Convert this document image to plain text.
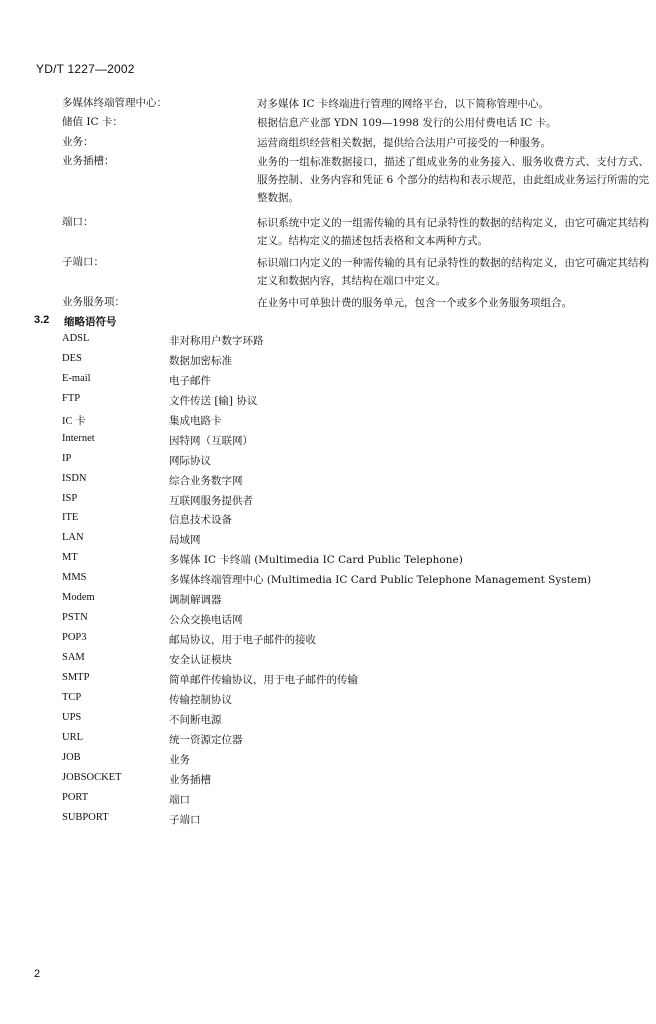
YD/T 1227—2002
多媒体终端管理中心：	对多媒体 IC 卡终端进行管理的网络平台，以下简称管理中心。
储值 IC 卡：	根据信息产业部 YDN 109—1998 发行的公用付费电话 IC 卡。
业务：	运营商组织经营相关数据，提供给合法用户可接受的一种服务。
业务插槽：	业务的一组标准数据接口，描述了组成业务的业务接入、服务收费方式、支付方式、服务控制、业务内容和凭证 6 个部分的结构和表示规范，由此组成业务运行所需的完整数据。
端口：	标识系统中定义的一组需传输的具有记录特性的数据的结构定义，由它可确定其结构定义。结构定义的描述包括表格和文本两种方式。
子端口：	标识端口内定义的一种需传输的具有记录特性的数据的结构定义，由它可确定其结构定义和数据内容，其结构在端口中定义。
业务服务项：	在业务中可单独计费的服务单元，包含一个或多个业务服务项组合。
3.2 缩略语符号
ADSL	非对称用户数字环路
DES	数据加密标准
E-mail	电子邮件
FTP	文件传送 [输] 协议
IC 卡	集成电路卡
Internet	因特网（互联网）
IP	网际协议
ISDN	综合业务数字网
ISP	互联网服务提供者
ITE	信息技术设备
LAN	局域网
MT	多媒体 IC 卡终端 (Multimedia IC Card Public Telephone)
MMS	多媒体终端管理中心 (Multimedia IC Card Public Telephone Management System)
Modem	调制解调器
PSTN	公众交换电话网
POP3	邮局协议，用于电子邮件的接收
SAM	安全认证模块
SMTP	简单邮件传输协议，用于电子邮件的传输
TCP	传输控制协议
UPS	不间断电源
URL	统一资源定位器
JOB	业务
JOBSOCKET	业务插槽
PORT	端口
SUBPORT	子端口
2
